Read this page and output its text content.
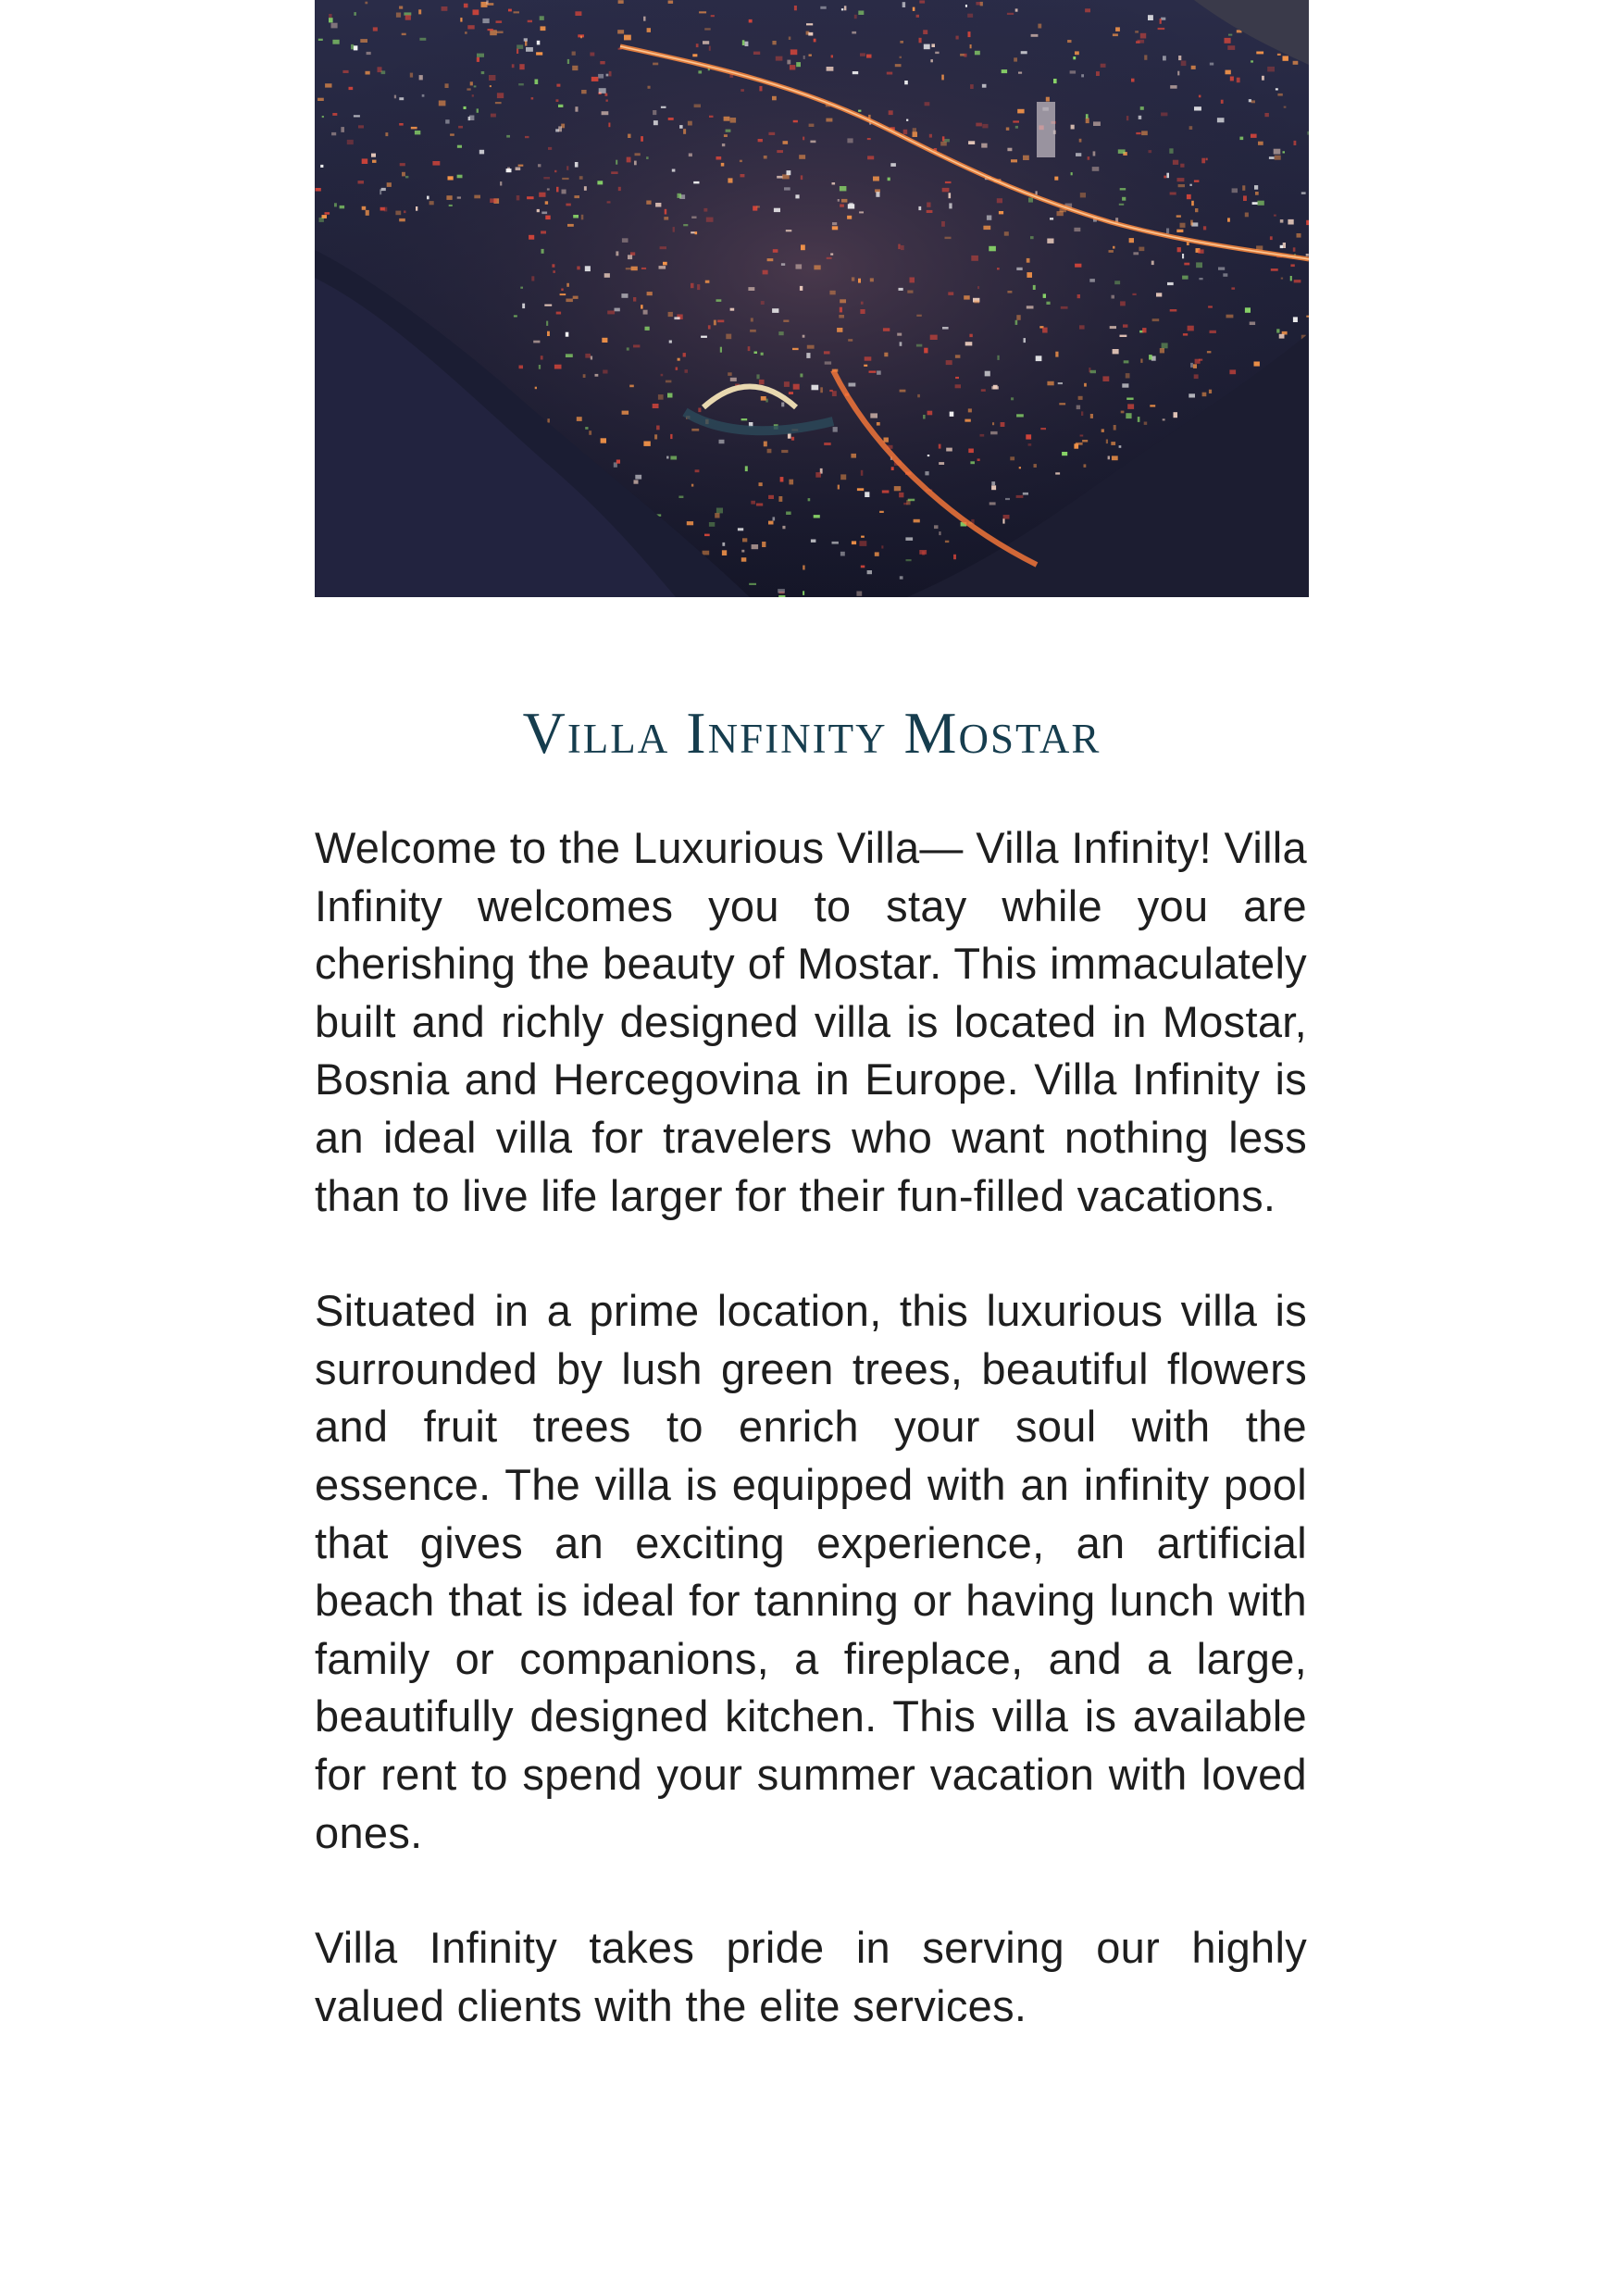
Villa Infinity Mostar

Welcome to the Luxurious Villa— Villa Infinity! Villa Infinity welcomes you to stay while you are cherishing the beauty of Mostar. This immaculately built and richly designed villa is located in Mostar, Bosnia and Hercegovina in Europe. Villa Infinity is an ideal villa for travelers who want nothing less than to live life larger for their fun-filled vacations.

Situated in a prime location, this luxurious villa is surrounded by lush green trees, beautiful flowers and fruit trees to enrich your soul with the essence. The villa is equipped with an infinity pool that gives an exciting experience, an artificial beach that is ideal for tanning or having lunch with family or companions, a fireplace, and a large, beautifully designed kitchen. This villa is available for rent to spend your summer vacation with loved ones.

Villa Infinity takes pride in serving our highly valued clients with the elite services.
